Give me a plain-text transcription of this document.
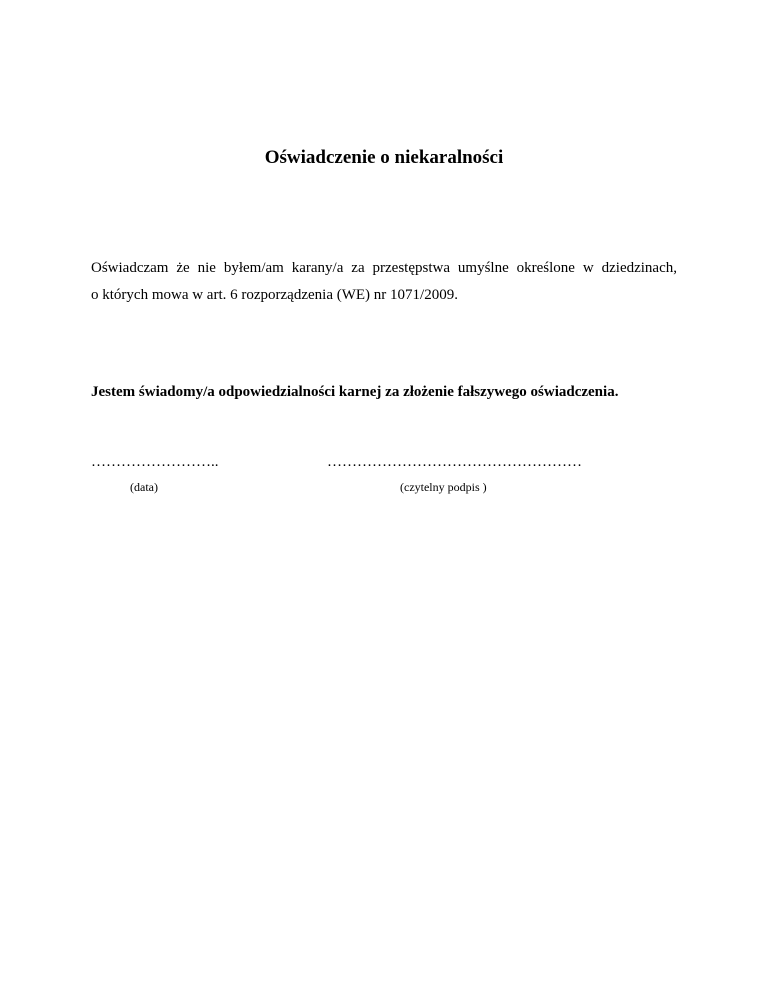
Oświadczenie o niekaralności

Oświadczam że nie byłem/am karany/a za przestępstwa umyślne określone w dziedzinach,

o których mowa w art. 6 rozporządzenia (WE) nr 1071/2009.

Jestem świadomy/a odpowiedzialności karnej za złożenie fałszywego oświadczenia.
……………………..	……………………………………………
(data)	(czytelny podpis )
